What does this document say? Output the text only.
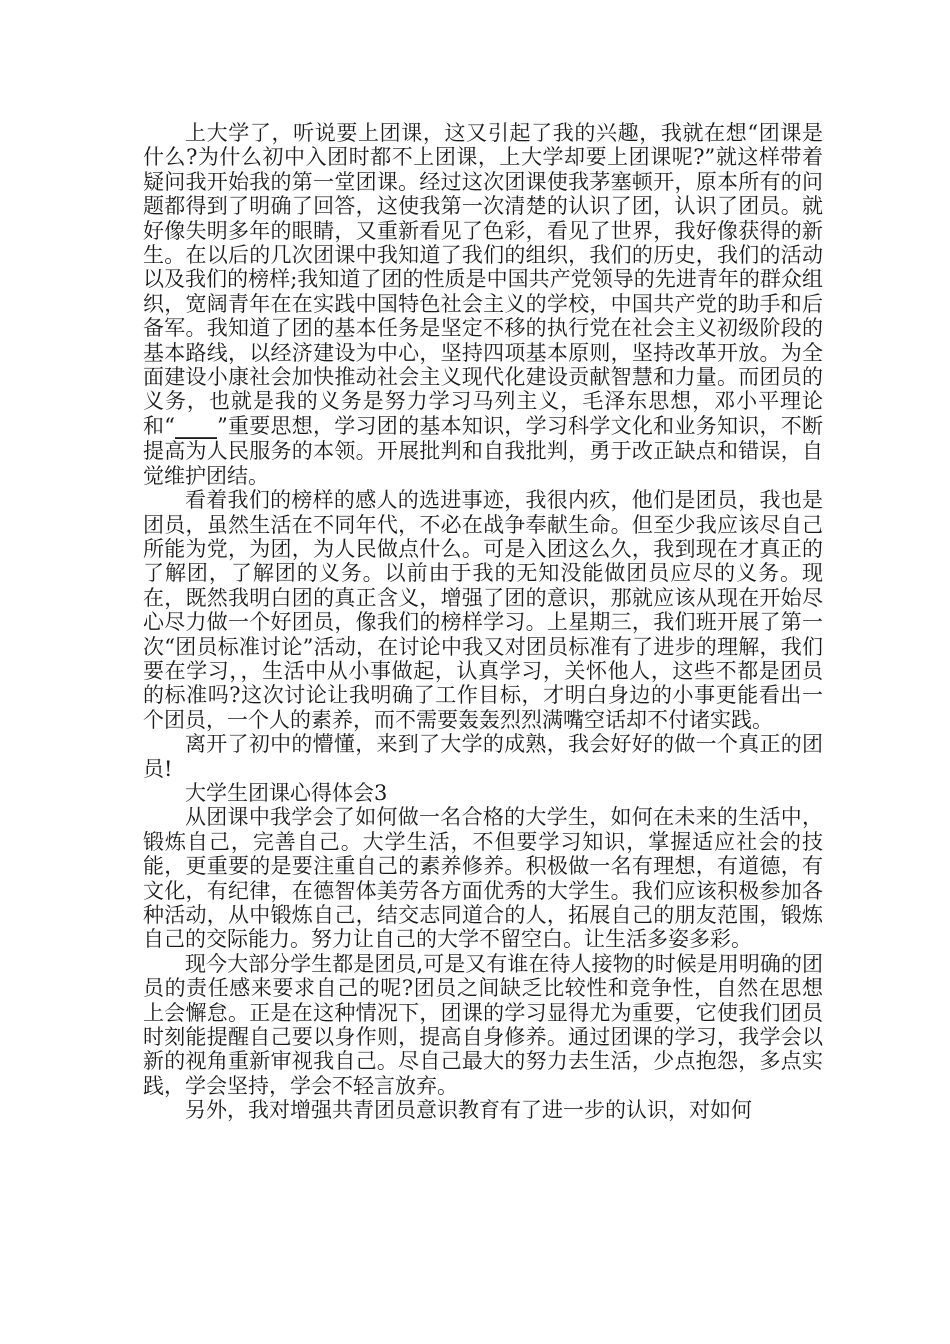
上大学了，听说要上团课，这又引起了我的兴趣，我就在想“团课是什么?为什么初中入团时都不上团课，上大学却要上团课呢?”就这样带着疑问我开始我的第一堂团课。经过这次团课使我茅塞顿开，原本所有的问题都得到了明确了回答，这使我第一次清楚的认识了团，认识了团员。就好像失明多年的眼睛，又重新看见了色彩，看见了世界，我好像获得的新生。在以后的几次团课中我知道了我们的组织，我们的历史，我们的活动以及我们的榜样;我知道了团的性质是中国共产党领导的先进青年的群众组织，宽阔青年在在实践中国特色社会主义的学校，中国共产党的助手和后备军。我知道了团的基本任务是坚定不移的执行党在社会主义初级阶段的基本路线，以经济建设为中心，坚持四项基本原则，坚持改革开放。为全面建设小康社会加快推动社会主义现代化建设贡献智慧和力量。而团员的义务，也就是我的义务是努力学习马列主义，毛泽东思想，邓小平理论和“____”重要思想，学习团的基本知识，学习科学文化和业务知识，不断提高为人民服务的本领。开展批判和自我批判，勇于改正缺点和错误，自觉维护团结。

看着我们的榜样的感人的选进事迹，我很内疚，他们是团员，我也是团员，虽然生活在不同年代，不必在战争奉献生命。但至少我应该尽自己所能为党，为团，为人民做点什么。可是入团这么久，我到现在才真正的了解团，了解团的义务。以前由于我的无知没能做团员应尽的义务。现在，既然我明白团的真正含义，增强了团的意识，那就应该从现在开始尽心尽力做一个好团员，像我们的榜样学习。上星期三，我们班开展了第一次“团员标准讨论”活动，在讨论中我又对团员标准有了进步的理解，我们要在学习，，生活中从小事做起，认真学习，关怀他人，这些不都是团员的标准吗?这次讨论让我明确了工作目标，才明白身边的小事更能看出一个团员，一个人的素养，而不需要轰轰烈烈满嘴空话却不付诸实践。

离开了初中的懵懂，来到了大学的成熟，我会好好的做一个真正的团员!

大学生团课心得体会3

从团课中我学会了如何做一名合格的大学生，如何在未来的生活中，锻炼自己，完善自己。大学生活，不但要学习知识，掌握适应社会的技能，更重要的是要注重自己的素养修养。积极做一名有理想，有道德，有文化，有纪律，在德智体美劳各方面优秀的大学生。我们应该积极参加各种活动，从中锻炼自己，结交志同道合的人，拓展自己的朋友范围，锻炼自己的交际能力。努力让自己的大学不留空白。让生活多姿多彩。

现今大部分学生都是团员,可是又有谁在待人接物的时候是用明确的团员的责任感来要求自己的呢?团员之间缺乏比较性和竞争性，自然在思想上会懈怠。正是在这种情况下，团课的学习显得尤为重要，它使我们团员时刻能提醒自己要以身作则，提高自身修养。通过团课的学习，我学会以新的视角重新审视我自己。尽自己最大的努力去生活，少点抱怨，多点实践，学会坚持，学会不轻言放弃。

另外，我对增强共青团员意识教育有了进一步的认识，对如何
